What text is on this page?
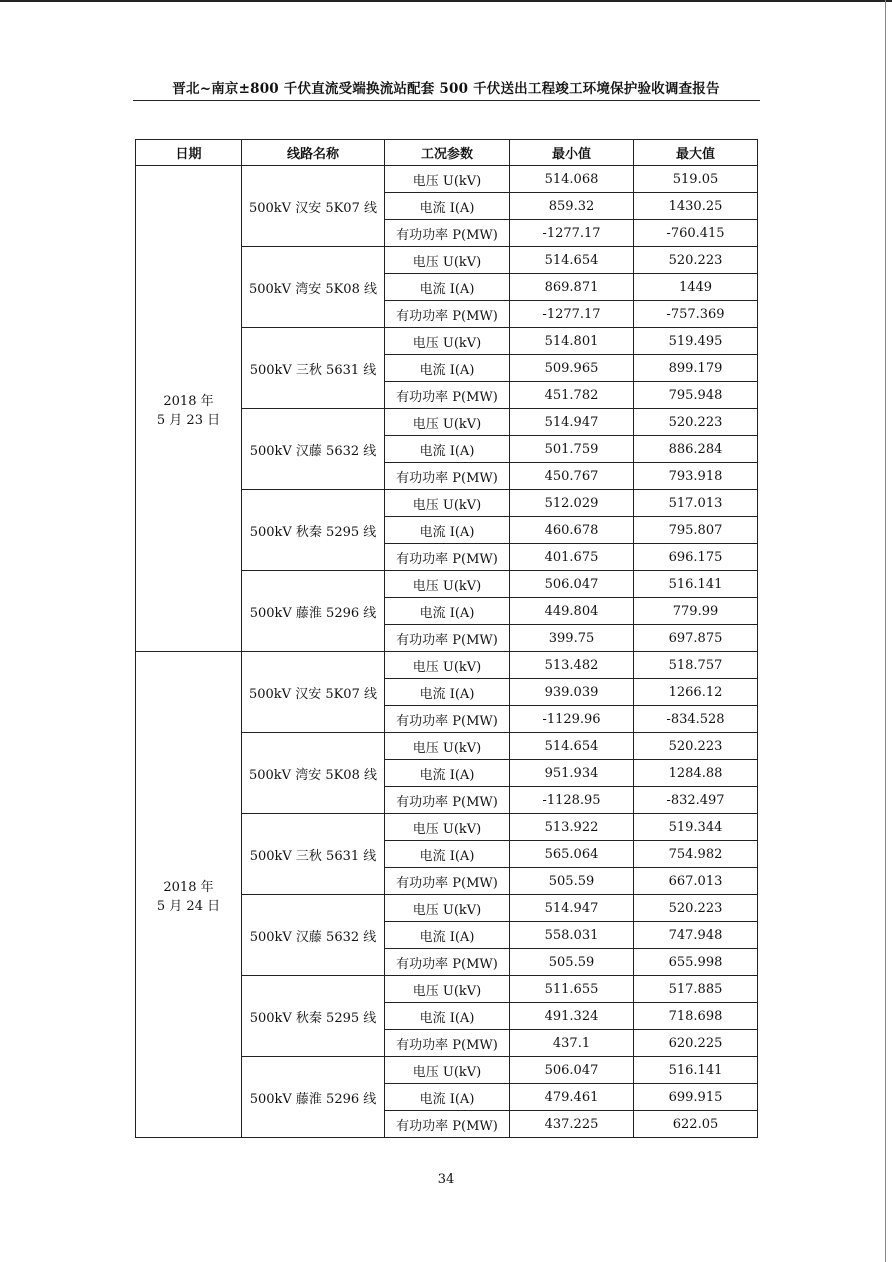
晋北~南京±800 千伏直流受端换流站配套 500 千伏送出工程竣工环境保护验收调查报告
日期	线路名称	工况参数	最小值	最大值

2018 年
5 月 23 日	500kV 汉安 5K07 线	电压 U(kV)	514.068	519.05
		电流 I(A)	859.32	1430.25
		有功功率 P(MW)	-1277.17	-760.415
	500kV 湾安 5K08 线	电压 U(kV)	514.654	520.223
		电流 I(A)	869.871	1449
		有功功率 P(MW)	-1277.17	-757.369
	500kV 三秋 5631 线	电压 U(kV)	514.801	519.495
		电流 I(A)	509.965	899.179
		有功功率 P(MW)	451.782	795.948
	500kV 汉藤 5632 线	电压 U(kV)	514.947	520.223
		电流 I(A)	501.759	886.284
		有功功率 P(MW)	450.767	793.918
	500kV 秋秦 5295 线	电压 U(kV)	512.029	517.013
		电流 I(A)	460.678	795.807
		有功功率 P(MW)	401.675	696.175
	500kV 藤淮 5296 线	电压 U(kV)	506.047	516.141
		电流 I(A)	449.804	779.99
		有功功率 P(MW)	399.75	697.875

2018 年
5 月 24 日	500kV 汉安 5K07 线	电压 U(kV)	513.482	518.757
		电流 I(A)	939.039	1266.12
		有功功率 P(MW)	-1129.96	-834.528
	500kV 湾安 5K08 线	电压 U(kV)	514.654	520.223
		电流 I(A)	951.934	1284.88
		有功功率 P(MW)	-1128.95	-832.497
	500kV 三秋 5631 线	电压 U(kV)	513.922	519.344
		电流 I(A)	565.064	754.982
		有功功率 P(MW)	505.59	667.013
	500kV 汉藤 5632 线	电压 U(kV)	514.947	520.223
		电流 I(A)	558.031	747.948
		有功功率 P(MW)	505.59	655.998
	500kV 秋秦 5295 线	电压 U(kV)	511.655	517.885
		电流 I(A)	491.324	718.698
		有功功率 P(MW)	437.1	620.225
	500kV 藤淮 5296 线	电压 U(kV)	506.047	516.141
		电流 I(A)	479.461	699.915
		有功功率 P(MW)	437.225	622.05
34
